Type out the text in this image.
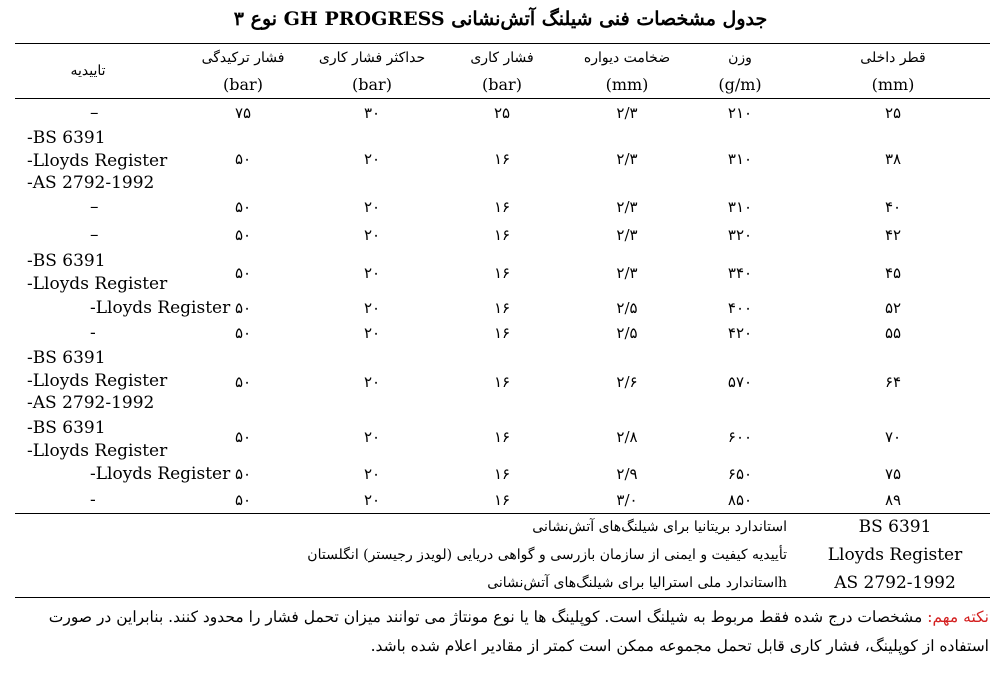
جدول مشخصات فنی شیلنگ آتش‌نشانی GH PROGRESS نوع ۳
قطر داخلی
(mm)
وزن
(g/m)
ضخامت دیواره
(mm)
فشار کاری
(bar)
حداکثر فشار کاری
(bar)
فشار ترکیدگی
(bar)
تاییدیه
۲۵
۲۱۰
۲/۳
۲۵
۳۰
۷۵
–
۳۸
۳۱۰
۲/۳
۱۶
۲۰
۵۰
-BS 6391
-Lloyds Register
-AS 2792-1992
۴۰
۳۱۰
۲/۳
۱۶
۲۰
۵۰
–
۴۲
۳۲۰
۲/۳
۱۶
۲۰
۵۰
–
۴۵
۳۴۰
۲/۳
۱۶
۲۰
۵۰
-BS 6391
-Lloyds Register
۵۲
۴۰۰
۲/۵
۱۶
۲۰
۵۰
-Lloyds Register
۵۵
۴۲۰
۲/۵
۱۶
۲۰
۵۰
-
۶۴
۵۷۰
۲/۶
۱۶
۲۰
۵۰
-BS 6391
-Lloyds Register
-AS 2792-1992
۷۰
۶۰۰
۲/۸
۱۶
۲۰
۵۰
-BS 6391
-Lloyds Register
۷۵
۶۵۰
۲/۹
۱۶
۲۰
۵۰
-Lloyds Register
۸۹
۸۵۰
۳/۰
۱۶
۲۰
۵۰
-
BS 6391
استاندارد بریتانیا برای شیلنگ‌های آتش‌نشانی
Lloyds Register
تأییدیه کیفیت و ایمنی از سازمان بازرسی و گواهی دریایی (لویدز رجیستر) انگلستان
AS 2792-1992
hاستاندارد ملی استرالیا برای شیلنگ‌های آتش‌نشانی
نکته مهم: مشخصات درج شده فقط مربوط به شیلنگ است. کوپلینگ ها یا نوع مونتاژ می توانند میزان تحمل فشار را محدود کنند. بنابراین در صورت استفاده از کوپلینگ، فشار کاری قابل تحمل مجموعه ممکن است کمتر از مقادیر اعلام شده باشد.
